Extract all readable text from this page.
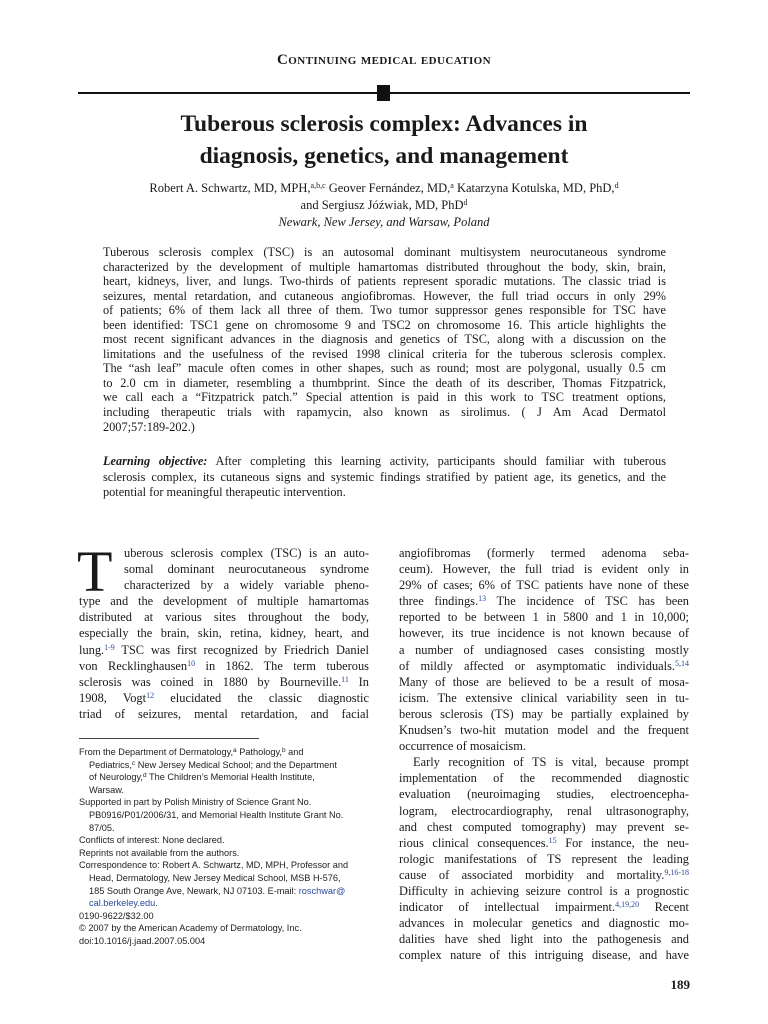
Continuing medical education
Tuberous sclerosis complex: Advances in
diagnosis, genetics, and management
Robert A. Schwartz, MD, MPH,$^{a,b,c}$ Geover Fernández, MD,$^a$ Katarzyna Kotulska, MD, PhD,$^d$
and Sergiusz Jóźwiak, MD, PhD$^d$
Newark, New Jersey, and Warsaw, Poland
Tuberous sclerosis complex (TSC) is an autosomal dominant multisystem neurocutaneous syndrome
characterized by the development of multiple hamartomas distributed throughout the body, skin, brain,
heart, kidneys, liver, and lungs. Two-thirds of patients represent sporadic mutations. The classic triad is
seizures, mental retardation, and cutaneous angiofibromas. However, the full triad occurs in only 29%
of patients; 6% of them lack all three of them. Two tumor suppressor genes responsible for TSC have
been identified: TSC1 gene on chromosome 9 and TSC2 on chromosome 16. This article highlights the
most recent significant advances in the diagnosis and genetics of TSC, along with a discussion on the
limitations and the usefulness of the revised 1998 clinical criteria for the tuberous sclerosis complex.
The “ash leaf” macule often comes in other shapes, such as round; most are polygonal, usually 0.5 cm
to 2.0 cm in diameter, resembling a thumbprint. Since the death of its describer, Thomas Fitzpatrick,
we call each a “Fitzpatrick patch.” Special attention is paid in this work to TSC treatment options,
including therapeutic trials with rapamycin, also known as sirolimus. ( J Am Acad Dermatol
2007;57:189-202.)
Learning objective: After completing this learning activity, participants should familiar with tuberous
sclerosis complex, its cutaneous signs and systemic findings stratified by patient age, its genetics, and the
potential for meaningful therapeutic intervention.
T uberous sclerosis complex (TSC) is an auto-
somal dominant neurocutaneous syndrome
characterized by a widely variable pheno-
type and the development of multiple hamartomas
distributed at various sites throughout the body,
especially the brain, skin, retina, kidney, heart, and
lung.$^{1-9}$ TSC was first recognized by Friedrich Daniel
von Recklinghausen$^{10}$ in 1862. The term tuberous
sclerosis was coined in 1880 by Bourneville.$^{11}$ In
1908, Vogt$^{12}$ elucidated the classic diagnostic
triad of seizures, mental retardation, and facial
angiofibromas (formerly termed adenoma seba-
ceum). However, the full triad is evident only in
29% of cases; 6% of TSC patients have none of these
three findings.$^{13}$ The incidence of TSC has been
reported to be between 1 in 5800 and 1 in 10,000;
however, its true incidence is not known because of
a number of undiagnosed cases consisting mostly
of mildly affected or asymptomatic individuals.$^{5,14}$
Many of those are believed to be a result of mosa-
icism. The extensive clinical variability seen in tu-
berous sclerosis (TS) may be partially explained by
Knudsen’s two-hit mutation model and the frequent
occurrence of mosaicism.
Early recognition of TS is vital, because prompt
implementation of the recommended diagnostic
evaluation (neuroimaging studies, electroencepha-
logram, electrocardiography, renal ultrasonography,
and chest computed tomography) may prevent se-
rious clinical consequences.$^{15}$ For instance, the neu-
rologic manifestations of TS represent the leading
cause of associated morbidity and mortality.$^{9,16-18}$
Difficulty in achieving seizure control is a prognostic
indicator of intellectual impairment.$^{4,19,20}$ Recent
advances in molecular genetics and diagnostic mo-
dalities have shed light into the pathogenesis and
complex nature of this intriguing disease, and have
From the Department of Dermatology,$^a$ Pathology,$^b$ and
Pediatrics,$^c$ New Jersey Medical School; and the Department
of Neurology,$^d$ The Children’s Memorial Health Institute,
Warsaw.
Supported in part by Polish Ministry of Science Grant No.
PB0916/P01/2006/31, and Memorial Health Institute Grant No.
87/05.
Conflicts of interest: None declared.
Reprints not available from the authors.
Correspondence to: Robert A. Schwartz, MD, MPH, Professor and
Head, Dermatology, New Jersey Medical School, MSB H-576,
185 South Orange Ave, Newark, NJ 07103. E-mail: roschwar@
cal.berkeley.edu.
0190-9622/$32.00
© 2007 by the American Academy of Dermatology, Inc.
doi:10.1016/j.jaad.2007.05.004
189
